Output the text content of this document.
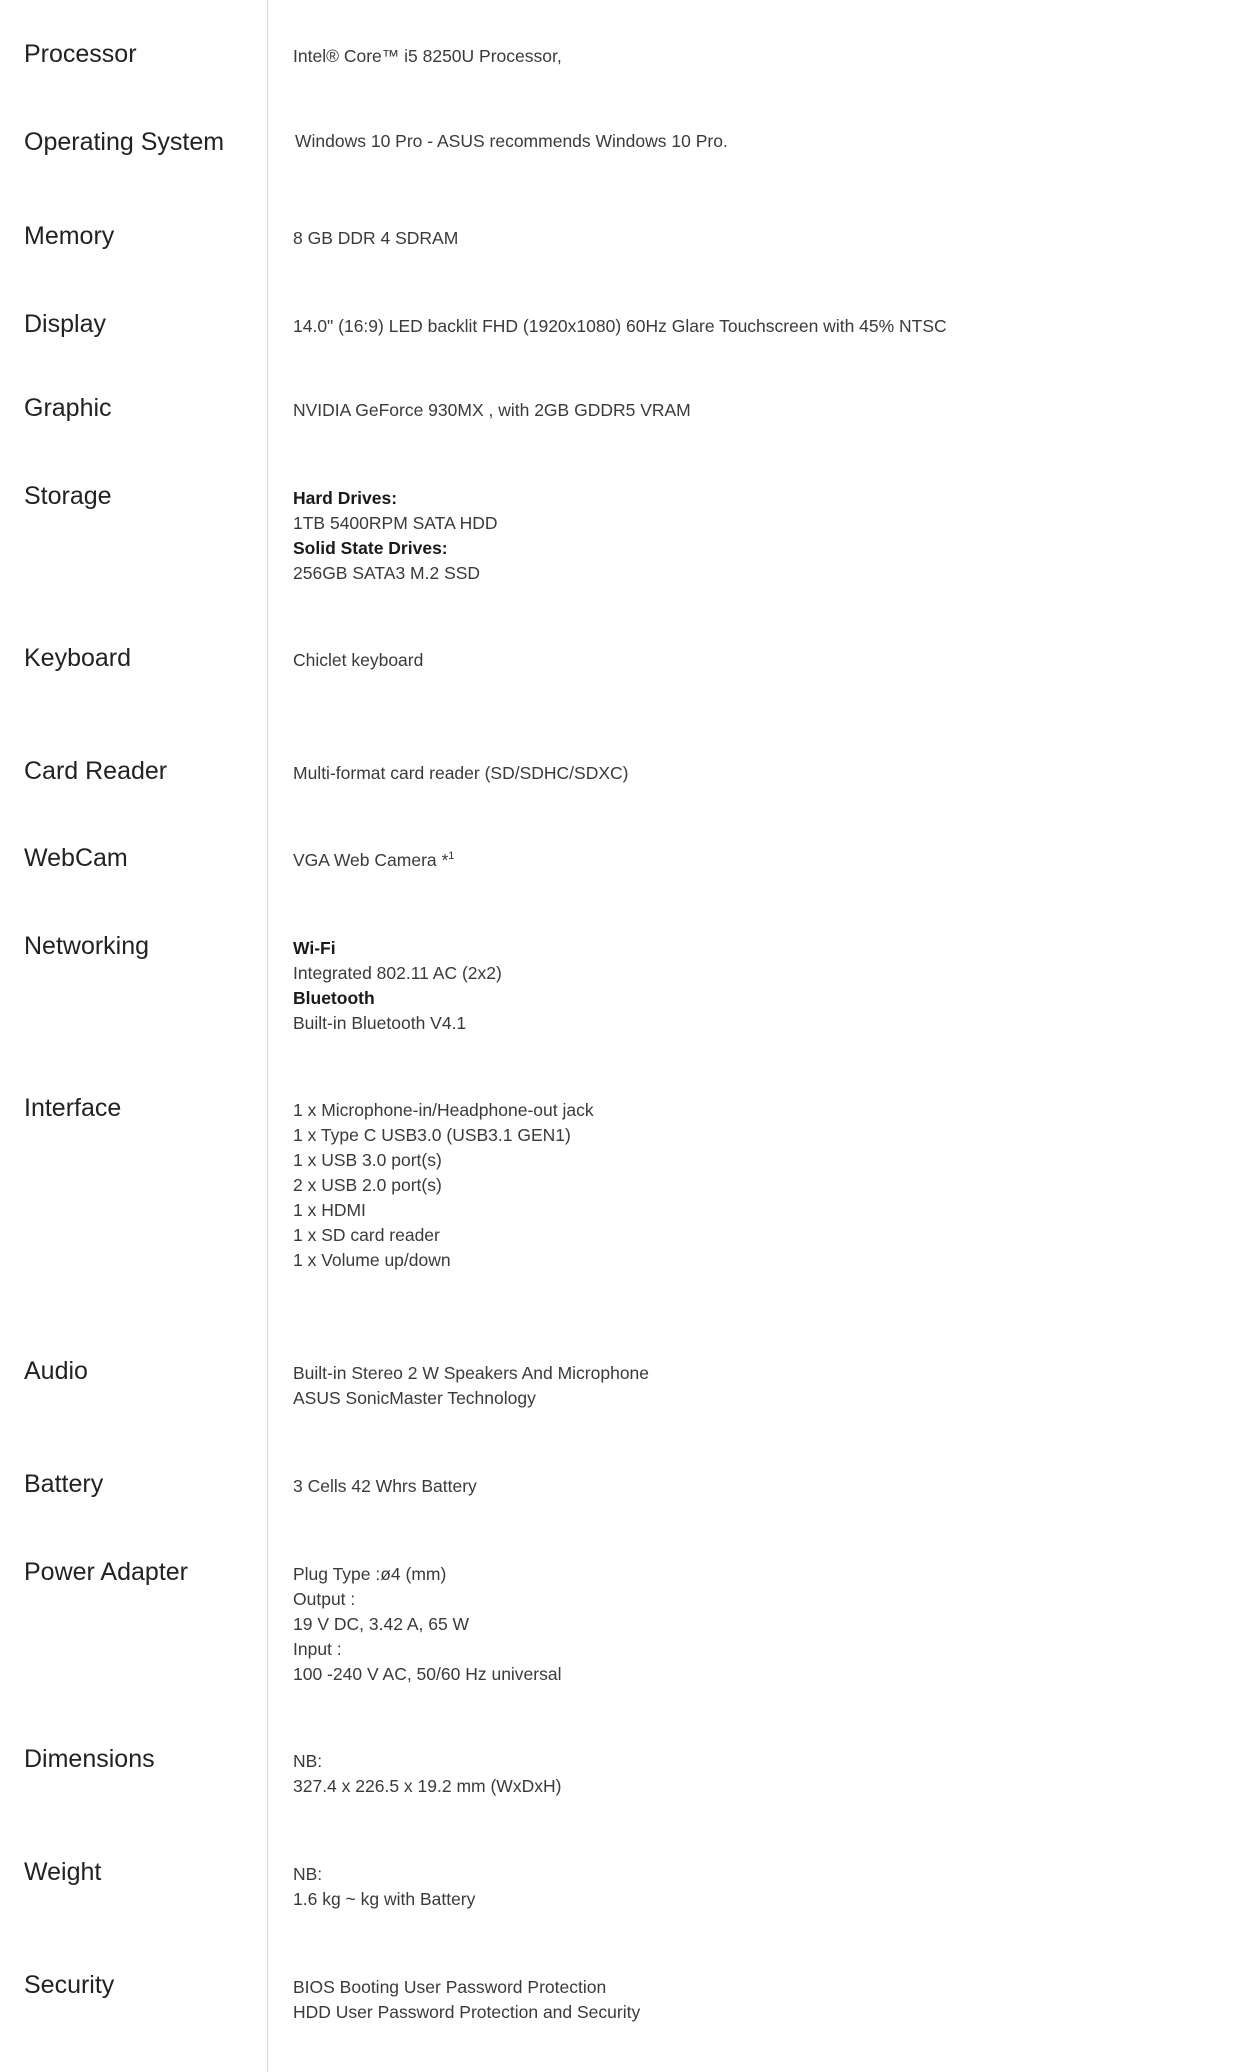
Processor	Intel® Core™ i5 8250U Processor,
Operating System	Windows 10 Pro - ASUS recommends Windows 10 Pro.
Memory	8 GB DDR 4 SDRAM
Display	14.0" (16:9) LED backlit FHD (1920x1080) 60Hz Glare Touchscreen with 45% NTSC
Graphic	NVIDIA GeForce 930MX , with 2GB GDDR5 VRAM
Storage	Hard Drives:
1TB 5400RPM SATA HDD
Solid State Drives:
256GB SATA3 M.2 SSD
Keyboard	Chiclet keyboard
Card Reader	Multi-format card reader (SD/SDHC/SDXC)
WebCam	VGA Web Camera *$^1$
Networking	Wi-Fi
Integrated 802.11 AC (2x2)
Bluetooth
Built-in Bluetooth V4.1
Interface	1 x Microphone-in/Headphone-out jack
1 x Type C USB3.0 (USB3.1 GEN1)
1 x USB 3.0 port(s)
2 x USB 2.0 port(s)
1 x HDMI
1 x SD card reader
1 x Volume up/down
Audio	Built-in Stereo 2 W Speakers And Microphone
ASUS SonicMaster Technology
Battery	3 Cells 42 Whrs Battery
Power Adapter	Plug Type :ø4 (mm)
Output :
19 V DC, 3.42 A, 65 W
Input :
100 -240 V AC, 50/60 Hz universal
Dimensions	NB:
327.4 x 226.5 x 19.2 mm (WxDxH)
Weight	NB:
1.6 kg ~ kg with Battery
Security	BIOS Booting User Password Protection
HDD User Password Protection and Security
